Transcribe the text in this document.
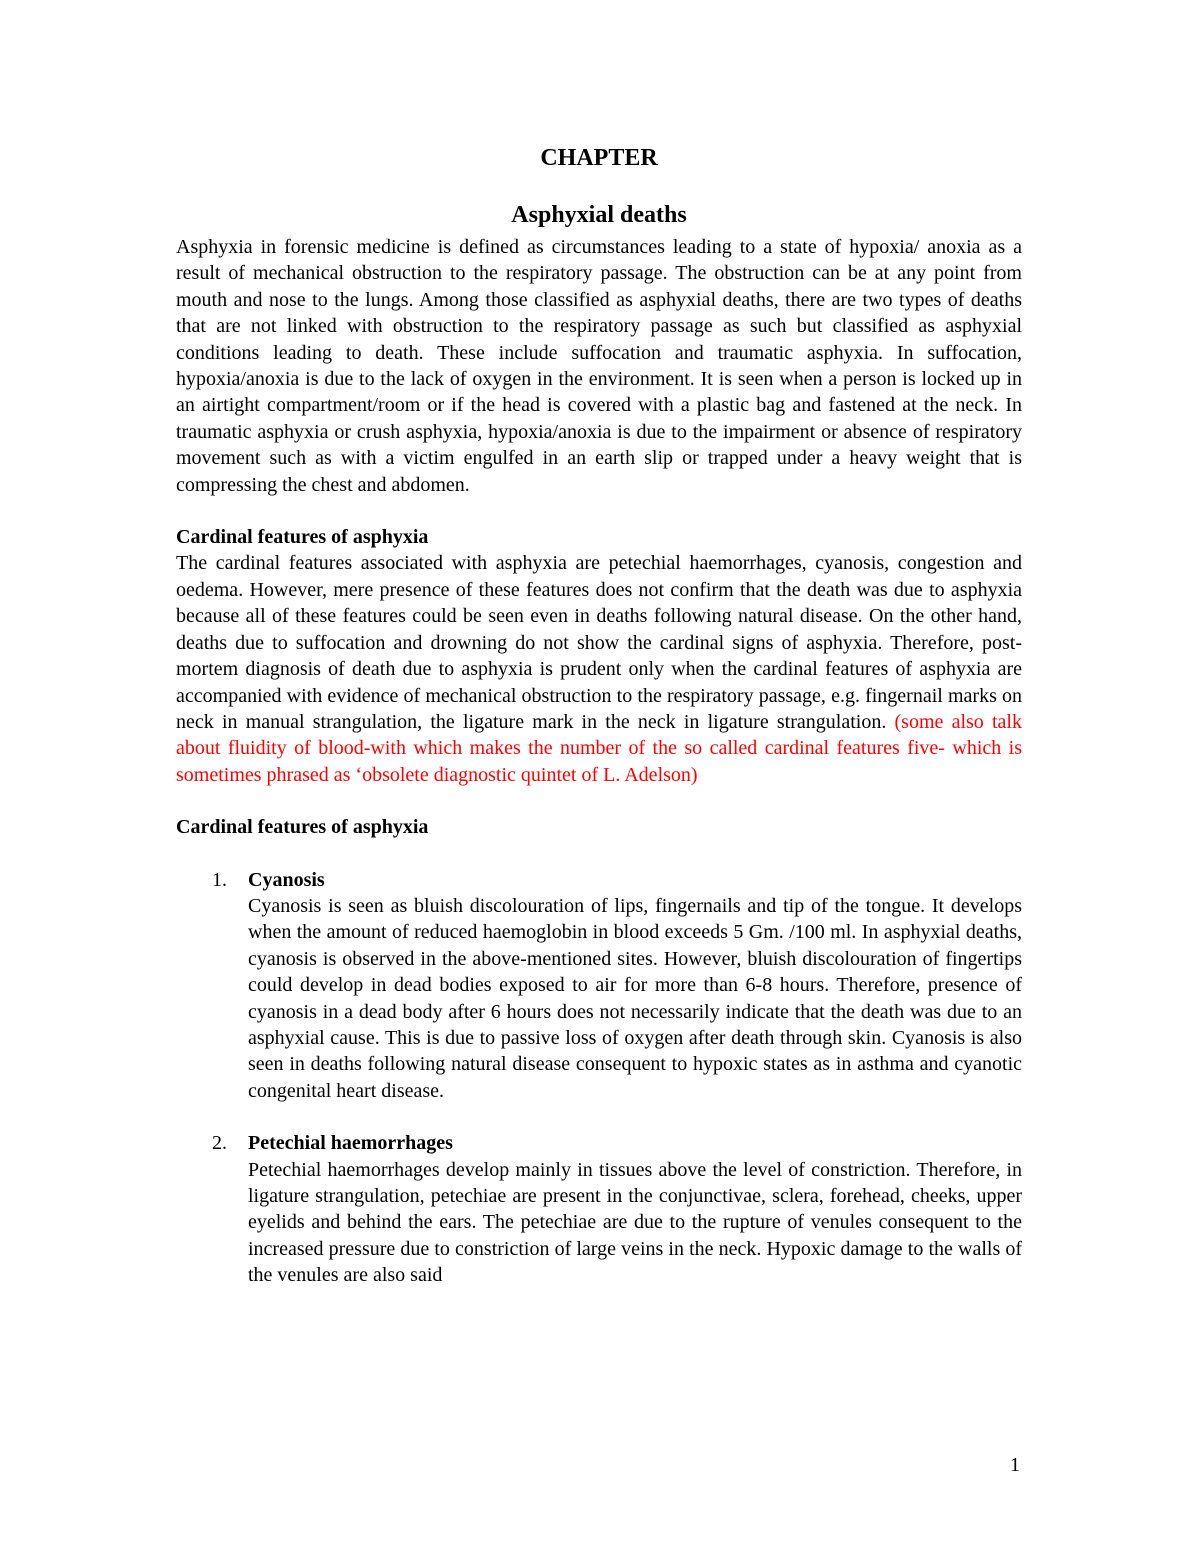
CHAPTER
Asphyxial deaths

Asphyxia in forensic medicine is defined as circumstances leading to a state of hypoxia/ anoxia as a result of mechanical obstruction to the respiratory passage. The obstruction can be at any point from mouth and nose to the lungs. Among those classified as asphyxial deaths, there are two types of deaths that are not linked with obstruction to the respiratory passage as such but classified as asphyxial conditions leading to death. These include suffocation and traumatic asphyxia. In suffocation, hypoxia/anoxia is due to the lack of oxygen in the environment. It is seen when a person is locked up in an airtight compartment/room or if the head is covered with a plastic bag and fastened at the neck. In traumatic asphyxia or crush asphyxia, hypoxia/anoxia is due to the impairment or absence of respiratory movement such as with a victim engulfed in an earth slip or trapped under a heavy weight that is compressing the chest and abdomen.

Cardinal features of asphyxia

The cardinal features associated with asphyxia are petechial haemorrhages, cyanosis, congestion and oedema. However, mere presence of these features does not confirm that the death was due to asphyxia because all of these features could be seen even in deaths following natural disease. On the other hand, deaths due to suffocation and drowning do not show the cardinal signs of asphyxia. Therefore, post-mortem diagnosis of death due to asphyxia is prudent only when the cardinal features of asphyxia are accompanied with evidence of mechanical obstruction to the respiratory passage, e.g. fingernail marks on neck in manual strangulation, the ligature mark in the neck in ligature strangulation. (some also talk about fluidity of blood-with which makes the number of the so called cardinal features five- which is sometimes phrased as ‘obsolete diagnostic quintet of L. Adelson)

Cardinal features of asphyxia

1. Cyanosis

Cyanosis is seen as bluish discolouration of lips, fingernails and tip of the tongue. It develops when the amount of reduced haemoglobin in blood exceeds 5 Gm. /100 ml. In asphyxial deaths, cyanosis is observed in the above-mentioned sites. However, bluish discolouration of fingertips could develop in dead bodies exposed to air for more than 6-8 hours. Therefore, presence of cyanosis in a dead body after 6 hours does not necessarily indicate that the death was due to an asphyxial cause. This is due to passive loss of oxygen after death through skin. Cyanosis is also seen in deaths following natural disease consequent to hypoxic states as in asthma and cyanotic congenital heart disease.

2. Petechial haemorrhages

Petechial haemorrhages develop mainly in tissues above the level of constriction. Therefore, in ligature strangulation, petechiae are present in the conjunctivae, sclera, forehead, cheeks, upper eyelids and behind the ears. The petechiae are due to the rupture of venules consequent to the increased pressure due to constriction of large veins in the neck. Hypoxic damage to the walls of the venules are also said

1
